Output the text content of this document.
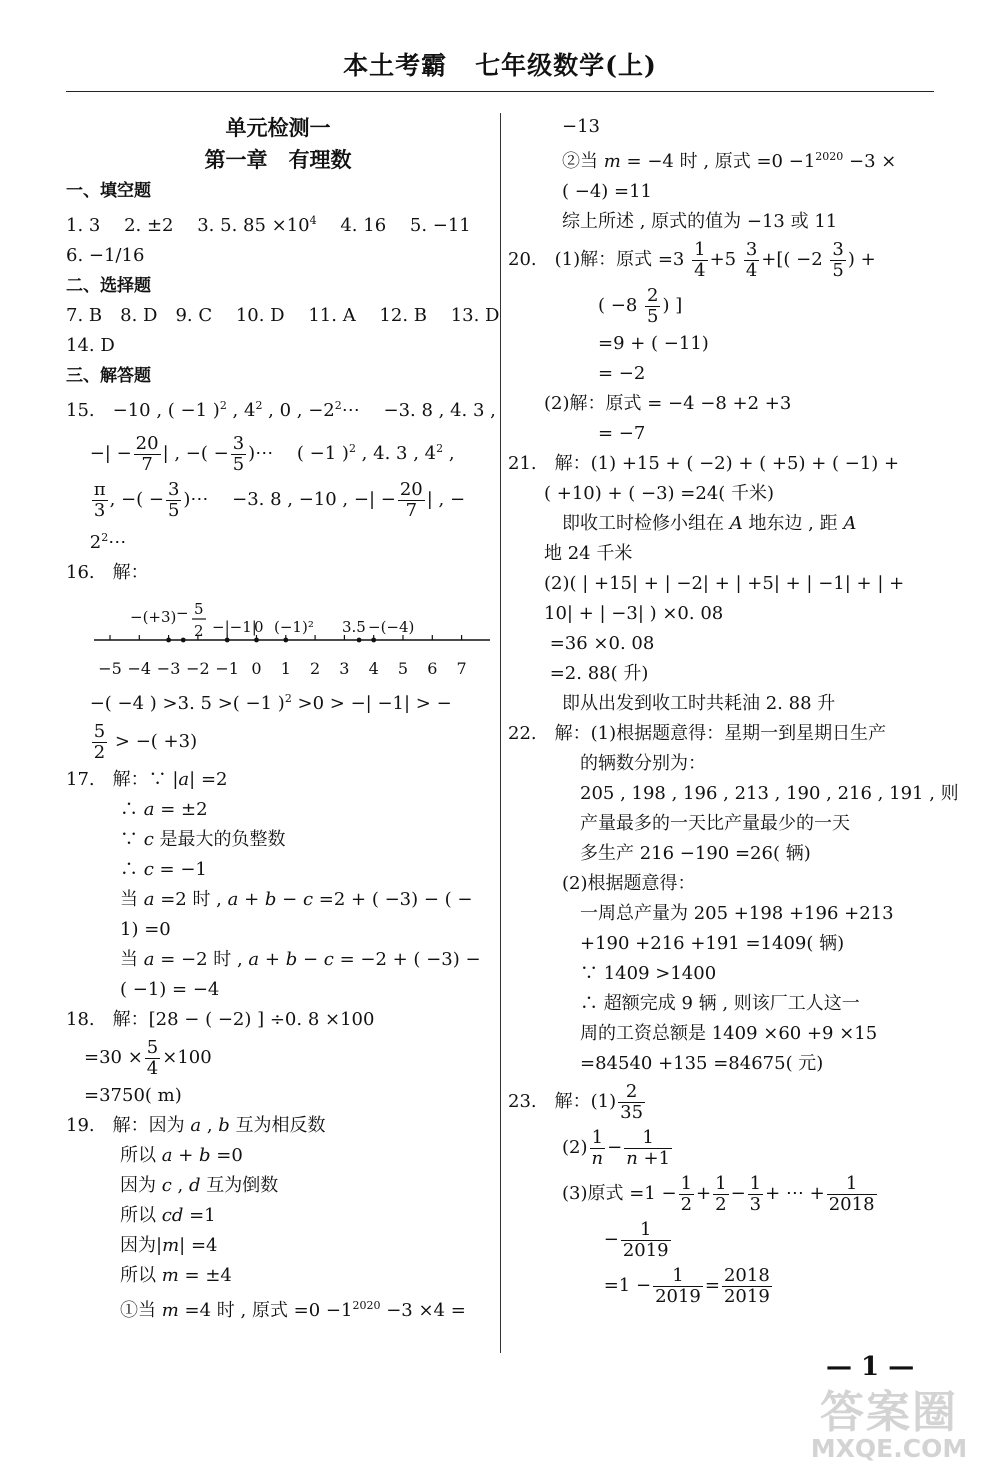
本土考霸 七年级数学(上)
单元检测一
第一章　有理数
一、填空题
1. 3　 2. ±2　 3. 5. $85 \times 10^4$　 4. 16　 5. −11
6. −1/16
二、选择题
7. B　8. D　9. C　 10. D　 11. A　 12. B　 13. D
14. D
三、解答题
15.　−10 , ( −1 )$^2$ , $4^2$ , 0 , $-2^2\cdots$　 −3. 8 , 4. 3 ,
　 −| − $\frac{20}{7}$ | , −( − $\frac{3}{5}$ )⋯　 ( −1 )$^2$ , 4. 3 , $4^2$ ,

$\frac{\pi}{3}$ , −( − $\frac{3}{5}$ )⋯　 −3. 8 , −10 , −| − $\frac{20}{7}$ | , −
　 $2^2\cdots$
16.　解：
−(+3) − 5
2 −|−1|
0 (−1)² 3.5 −(−4)
−5 −4 −3 −2 −1 0 1 2 3 4 5 6 7
　 −( −4 ) >3. 5 >( −1 )$^2$ >0 > −| −1| > −

$\frac{5}{2}$ > −( +3)
17.　解：∵ |a| =2
　　　∴ a = ±2
　　　∵ c 是最大的负整数
　　　∴ c = −1
　　　当 a =2 时 , a + b − c =2 + ( −3) − ( −
　　　1) =0
　　　当 a = −2 时 , a + b − c = −2 + ( −3) −
　　　( −1) = −4
18.　解：[28 − ( −2) ] ÷0. 8 ×100
　$=30 \times \frac{5}{4} \times 100$
　=3750( m)
19.　解：因为 a , b 互为相反数
　　　所以 a + b =0
　　　因为 c , d 互为倒数
　　　所以 cd =1
　　　因为|m| =4
　　　所以 m = ±4
　　　①当 m =4 时 , 原式 $=0 -1^{2020} -3 \times 4$ =
　　　−13
　　　②当 m = −4 时 , 原式 $=0 -1^{2020} -3$ ×
　　　( −4) =11
　　　综上所述 , 原式的值为 −13 或 11
20.　(1)解：原式 $=3 \frac{1}{4} +5 \frac{3}{4}$ +[( $-2 \frac{3}{5}$ ) +
　　　　　( $-8 \frac{2}{5}$ ) ]
　　　　　=9 + ( −11)
　　　　　= −2
　　(2)解：原式 = −4 −8 +2 +3
　　　　　= −7
21.　解：(1) +15 + ( −2) + ( +5) + ( −1) +
　　( +10) + ( −3) =24( 千米)
　　　即收工时检修小组在 A 地东边 , 距 A
　　地 24 千米
　　(2)( | +15| + | −2| + | +5| + | −1| + | +
　　10| + | −3| ) ×0. 08
　　 =36 ×0. 08
　　 =2. 88( 升)
　　　即从出发到收工时共耗油 2. 88 升
22.　解：(1)根据题意得：星期一到星期日生产
　　　　的辆数分别为：
　　　　205 , 198 , 196 , 213 , 190 , 216 , 191 , 则
　　　　产量最多的一天比产量最少的一天
　　　　多生产 216 −190 =26( 辆)
　　　(2)根据题意得：
　　　　一周总产量为 205 +198 +196 +213
　　　　+190 +216 +191 =1409( 辆)
　　　　∵ 1409 >1400
　　　　∴ 超额完成 9 辆 , 则该厂工人这一
　　　　周的工资总额是 1409 ×60 +9 ×15
　　　　=84540 +135 =84675( 元)
23.　解：$(1) \frac{2}{35}$
　　　$(2) \frac{1}{n} - \frac{1}{n +1}$
　　　(3)原式 $=1 - \frac{1}{2} + \frac{1}{2} - \frac{1}{3}$ + ⋯ + $\frac{1}{2018}$
　　　　　 − $\frac{1}{2019}$
　　　　　 $=1 - \frac{1}{2019} = \frac{2018}{2019}$
— 1 —
答案圈
MXQE.COM
